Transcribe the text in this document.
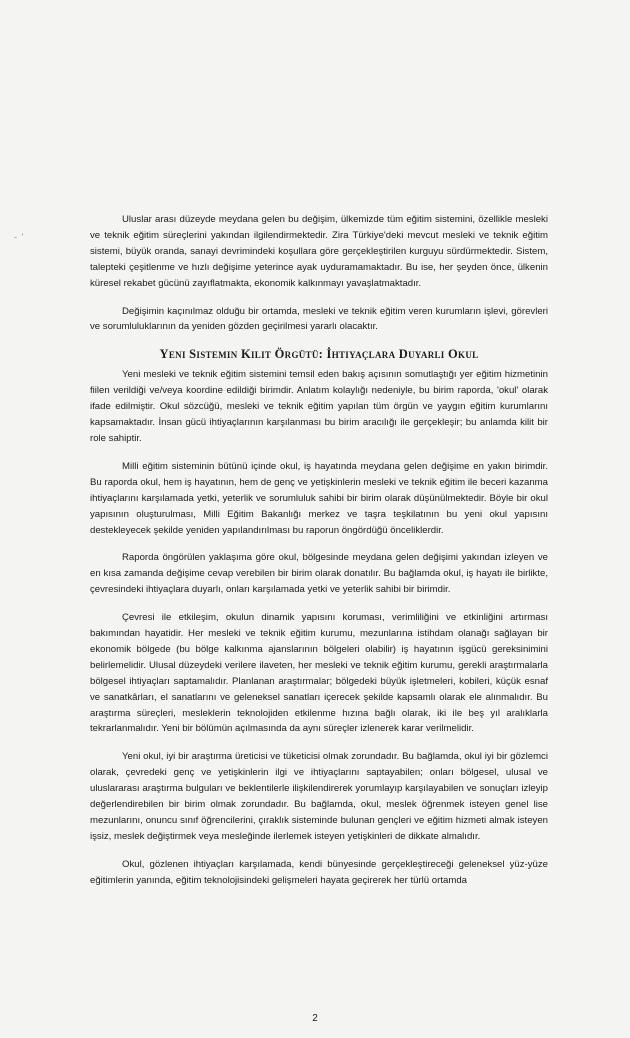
- '

Uluslar arası düzeyde meydana gelen bu değişim, ülkemizde tüm eğitim sistemini, özellikle mesleki ve teknik eğitim süreçlerini yakından ilgilendirmektedir. Zira Türkiye'deki mevcut mesleki ve teknik eğitim sistemi, büyük oranda, sanayi devrimindeki koşullara göre gerçekleştirilen kurguyu sürdürmektedir. Sistem, talepteki çeşitlenme ve hızlı değişime yeterince ayak uyduramamaktadır. Bu ise, her şeyden önce, ülkenin küresel rekabet gücünü zayıflatmakta, ekonomik kalkınmayı yavaşlatmaktadır.

Değişimin kaçınılmaz olduğu bir ortamda, mesleki ve teknik eğitim veren kurumların işlevi, görevleri ve sorumluluklarının da yeniden gözden geçirilmesi yararlı olacaktır.

Yeni Sistemin Kilit Örgütü: İhtiyaçlara Duyarlı Okul

Yeni mesleki ve teknik eğitim sistemini temsil eden bakış açısının somutlaştığı yer eğitim hizmetinin fiilen verildiği ve/veya koordine edildiği birimdir. Anlatım kolaylığı nedeniyle, bu birim raporda, 'okul' olarak ifade edilmiştir. Okul sözcüğü, mesleki ve teknik eğitim yapılan tüm örgün ve yaygın eğitim kurumlarını kapsamaktadır. İnsan gücü ihtiyaçlarının karşılanması bu birim aracılığı ile gerçekleşir; bu anlamda kilit bir role sahiptir.

Milli eğitim sisteminin bütünü içinde okul, iş hayatında meydana gelen değişime en yakın birimdir. Bu raporda okul, hem iş hayatının, hem de genç ve yetişkinlerin mesleki ve teknik eğitim ile beceri kazanma ihtiyaçlarını karşılamada yetki, yeterlik ve sorumluluk sahibi bir birim olarak düşünülmektedir. Böyle bir okul yapısının oluşturulması, Milli Eğitim Bakanlığı merkez ve taşra teşkilatının bu yeni okul yapısını destekleyecek şekilde yeniden yapılandırılması bu raporun öngördüğü önceliklerdir.

Raporda öngörülen yaklaşıma göre okul, bölgesinde meydana gelen değişimi yakından izleyen ve en kısa zamanda değişime cevap verebilen bir birim olarak donatılır. Bu bağlamda okul, iş hayatı ile birlikte, çevresindeki ihtiyaçlara duyarlı, onları karşılamada yetki ve yeterlik sahibi bir birimdir.

Çevresi ile etkileşim, okulun dinamik yapısını koruması, verimliliğini ve etkinliğini artırması bakımından hayatidir. Her mesleki ve teknik eğitim kurumu, mezunlarına istihdam olanağı sağlayan bir ekonomik bölgede (bu bölge kalkınma ajanslarının bölgeleri olabilir) iş hayatının işgücü gereksinimini belirlemelidir. Ulusal düzeydeki verilere ilaveten, her mesleki ve teknik eğitim kurumu, gerekli araştırmalarla bölgesel ihtiyaçları saptamalıdır. Planlanan araştırmalar; bölgedeki büyük işletmeleri, kobileri, küçük esnaf ve sanatkârları, el sanatlarını ve geleneksel sanatları içerecek şekilde kapsamlı olarak ele alınmalıdır. Bu araştırma süreçleri, mesleklerin teknolojiden etkilenme hızına bağlı olarak, iki ile beş yıl aralıklarla tekrarlanmalıdır. Yeni bir bölümün açılmasında da aynı süreçler izlenerek karar verilmelidir.

Yeni okul, iyi bir araştırma üreticisi ve tüketicisi olmak zorundadır. Bu bağlamda, okul iyi bir gözlemci olarak, çevredeki genç ve yetişkinlerin ilgi ve ihtiyaçlarını saptayabilen; onları bölgesel, ulusal ve uluslararası araştırma bulguları ve beklentilerle ilişkilendirerek yorumlayıp karşılayabilen ve sonuçları izleyip değerlendirebilen bir birim olmak zorundadır. Bu bağlamda, okul, meslek öğrenmek isteyen genel lise mezunlarını, onuncu sınıf öğrencilerini, çıraklık sisteminde bulunan gençleri ve eğitim hizmeti almak isteyen işsiz, meslek değiştirmek veya mesleğinde ilerlemek isteyen yetişkinleri de dikkate almalıdır.

Okul, gözlenen ihtiyaçları karşılamada, kendi bünyesinde gerçekleştireceği geleneksel yüz-yüze eğitimlerin yanında, eğitim teknolojisindeki gelişmeleri hayata geçirerek her türlü ortamda

2
